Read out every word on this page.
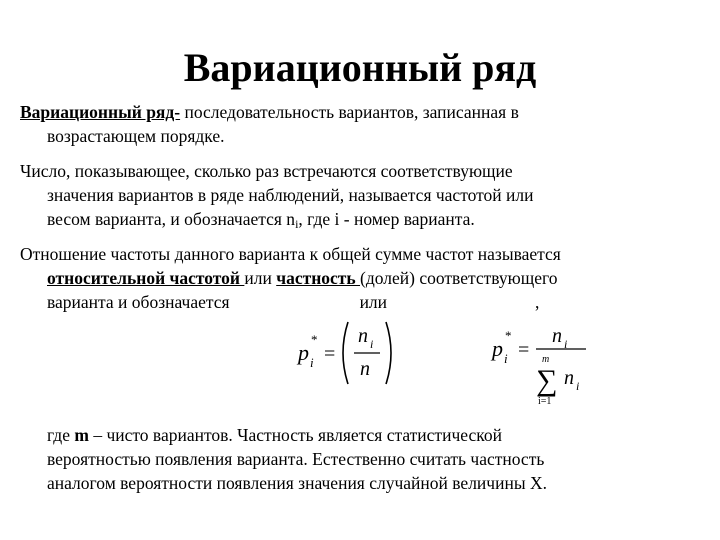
Вариационный ряд
Вариационный ряд- последовательность вариантов, записанная в
возрастающем порядке.
Число, показывающее, сколько раз встречаются соответствующие
значения вариантов в ряде наблюдений, называется частотой или
весом варианта, и обозначается $n_i$, где i - номер варианта.
Отношение частоты данного варианта к общей сумме частот называется
относительной частотой или частность (долей) соответствующего
варианта и обозначается	или	,
p i
*
=
n i
n
p i
*
=
n i
m
∑ n i
i=1
где m – чисто вариантов. Частность является статистической
вероятностью появления варианта. Естественно считать частность
аналогом вероятности появления значения случайной величины X.
